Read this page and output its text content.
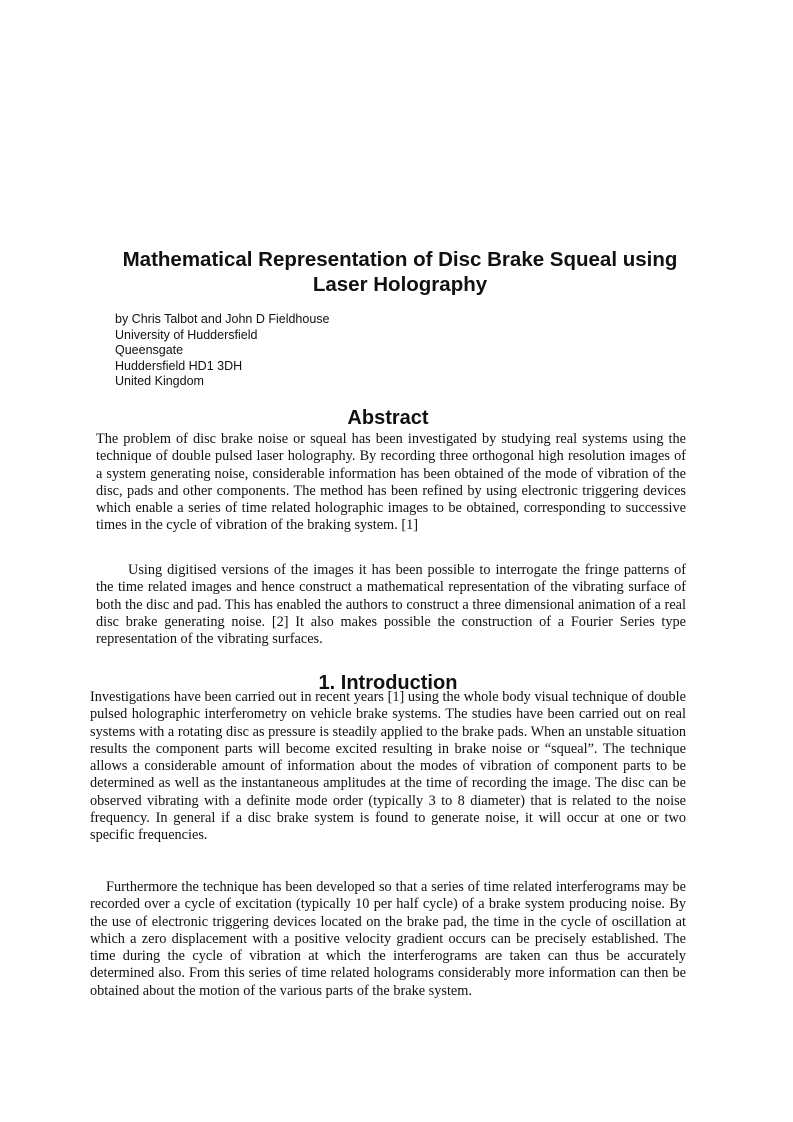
Mathematical Representation of Disc Brake Squeal using Laser Holography
by Chris Talbot and John D Fieldhouse
University of Huddersfield
Queensgate
Huddersfield HD1 3DH
United Kingdom
Abstract

The problem of disc brake noise or squeal has been investigated by studying real systems using the technique of double pulsed laser holography. By recording three orthogonal high resolution images of a system generating noise, considerable information has been obtained of the mode of vibration of the disc, pads and other components. The method has been refined by using electronic triggering devices which enable a series of time related holographic images to be obtained, corresponding to successive times in the cycle of vibration of the braking system. [1]

Using digitised versions of the images it has been possible to interrogate the fringe patterns of the time related images and hence construct a mathematical representation of the vibrating surface of both the disc and pad. This has enabled the authors to construct a three dimensional animation of a real disc brake generating noise. [2] It also makes possible the construction of a Fourier Series type representation of the vibrating surfaces.

1. Introduction

Investigations have been carried out in recent years [1] using the whole body visual technique of double pulsed holographic interferometry on vehicle brake systems. The studies have been carried out on real systems with a rotating disc as pressure is steadily applied to the brake pads. When an unstable situation results the component parts will become excited resulting in brake noise or “squeal”. The technique allows a considerable amount of information about the modes of vibration of component parts to be determined as well as the instantaneous amplitudes at the time of recording the image. The disc can be observed vibrating with a definite mode order (typically 3 to 8 diameter) that is related to the noise frequency. In general if a disc brake system is found to generate noise, it will occur at one or two specific frequencies.

Furthermore the technique has been developed so that a series of time related interferograms may be recorded over a cycle of excitation (typically 10 per half cycle) of a brake system producing noise. By the use of electronic triggering devices located on the brake pad, the time in the cycle of oscillation at which a zero displacement with a positive velocity gradient occurs can be precisely established. The time during the cycle of vibration at which the interferograms are taken can thus be accurately determined also. From this series of time related holograms considerably more information can then be obtained about the motion of the various parts of the brake system.
